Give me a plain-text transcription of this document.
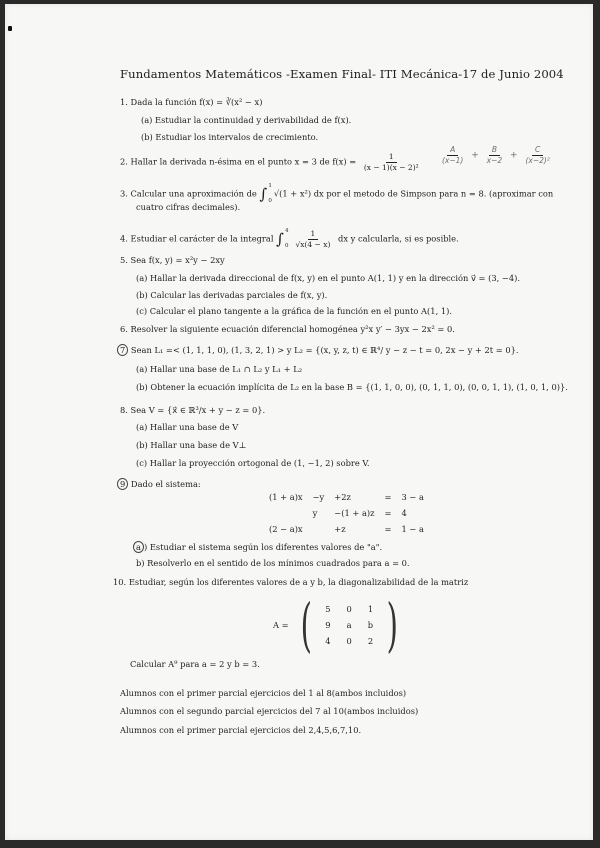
Fundamentos Matemáticos -Examen Final- ITI Mecánica-17 de Junio 2004
1. Dada la función f(x) = ∛(x² − x)
(a) Estudiar la continuidad y derivabilidad de f(x).
(b) Estudiar los intervalos de crecimiento.
2. Hallar la derivada n-ésima en el punto x = 3 de $f(x) = \frac{1}{\text{(x − 1)(x − 2)²}} \frac{A}{(x-1)} + \frac{B}{x-2} + \frac{C}{\text{(x−2)²}}$
3. Calcular una aproximación de ∫ 1
0
√(1 + x²) dx por el metodo de Simpson para n = 8. (aproximar con
cuatro cifras decimales).
4. Estudiar el carácter de la integral ∫ 4
$0 \frac{1}{√x(4 - x)}$ dx y calcularla, si es posible.
5. Sea f(x, y) = x²y − 2xy
(a) Hallar la derivada direccional de f(x, y) en el punto A(1, 1) y en la dirección v⃗ = (3, −4).
(b) Calcular las derivadas parciales de f(x, y).
(c) Calcular el plano tangente a la gráfica de la función en el punto A(1, 1).
6. Resolver la siguiente ecuación diferencial homogénea y²x y′ − 3yx − 2x² = 0.
7 Sean L₁ =< (1, 1, 1, 0), (1, 3, 2, 1) > y L₂ = {(x, y, z, t) ∈ ℝ⁴/ y − z − t = 0, 2x − y + 2t = 0}.
(a) Hallar una base de L₁ ∩ L₂ y L₁ + L₂
(b) Obtener la ecuación implícita de L₂ en la base B = {(1, 1, 0, 0), (0, 1, 1, 0), (0, 0, 1, 1), (1, 0, 1, 0)}.
8. Sea V = {x⃗ ∈ ℝ³/x + y − z = 0}.
(a) Hallar una base de V
(b) Hallar una base de V⊥
(c) Hallar la proyección ortogonal de (1, −1, 2) sobre V.
9 Dado el sistema:
(1 + a)x	−y	+2z	=	3 − a
	y	−(1 + a)z	=	4
(2 − a)x		+z	=	1 − a
a ) Estudiar el sistema según los diferentes valores de "a".
b) Resolverlo en el sentido de los mínimos cuadrados para a = 0.
10. Estudiar, según los diferentes valores de a y b, la diagonalizabilidad de la matriz
A = ( 5	0	1
9	a	b
4	0	2 )
Calcular A⁹ para a = 2 y b = 3.
Alumnos con el primer parcial ejercicios del 1 al 8(ambos incluidos)
Alumnos con el segundo parcial ejercicios del 7 al 10(ambos incluidos)
Alumnos con el primer parcial ejercicios del 2,4,5,6,7,10.
